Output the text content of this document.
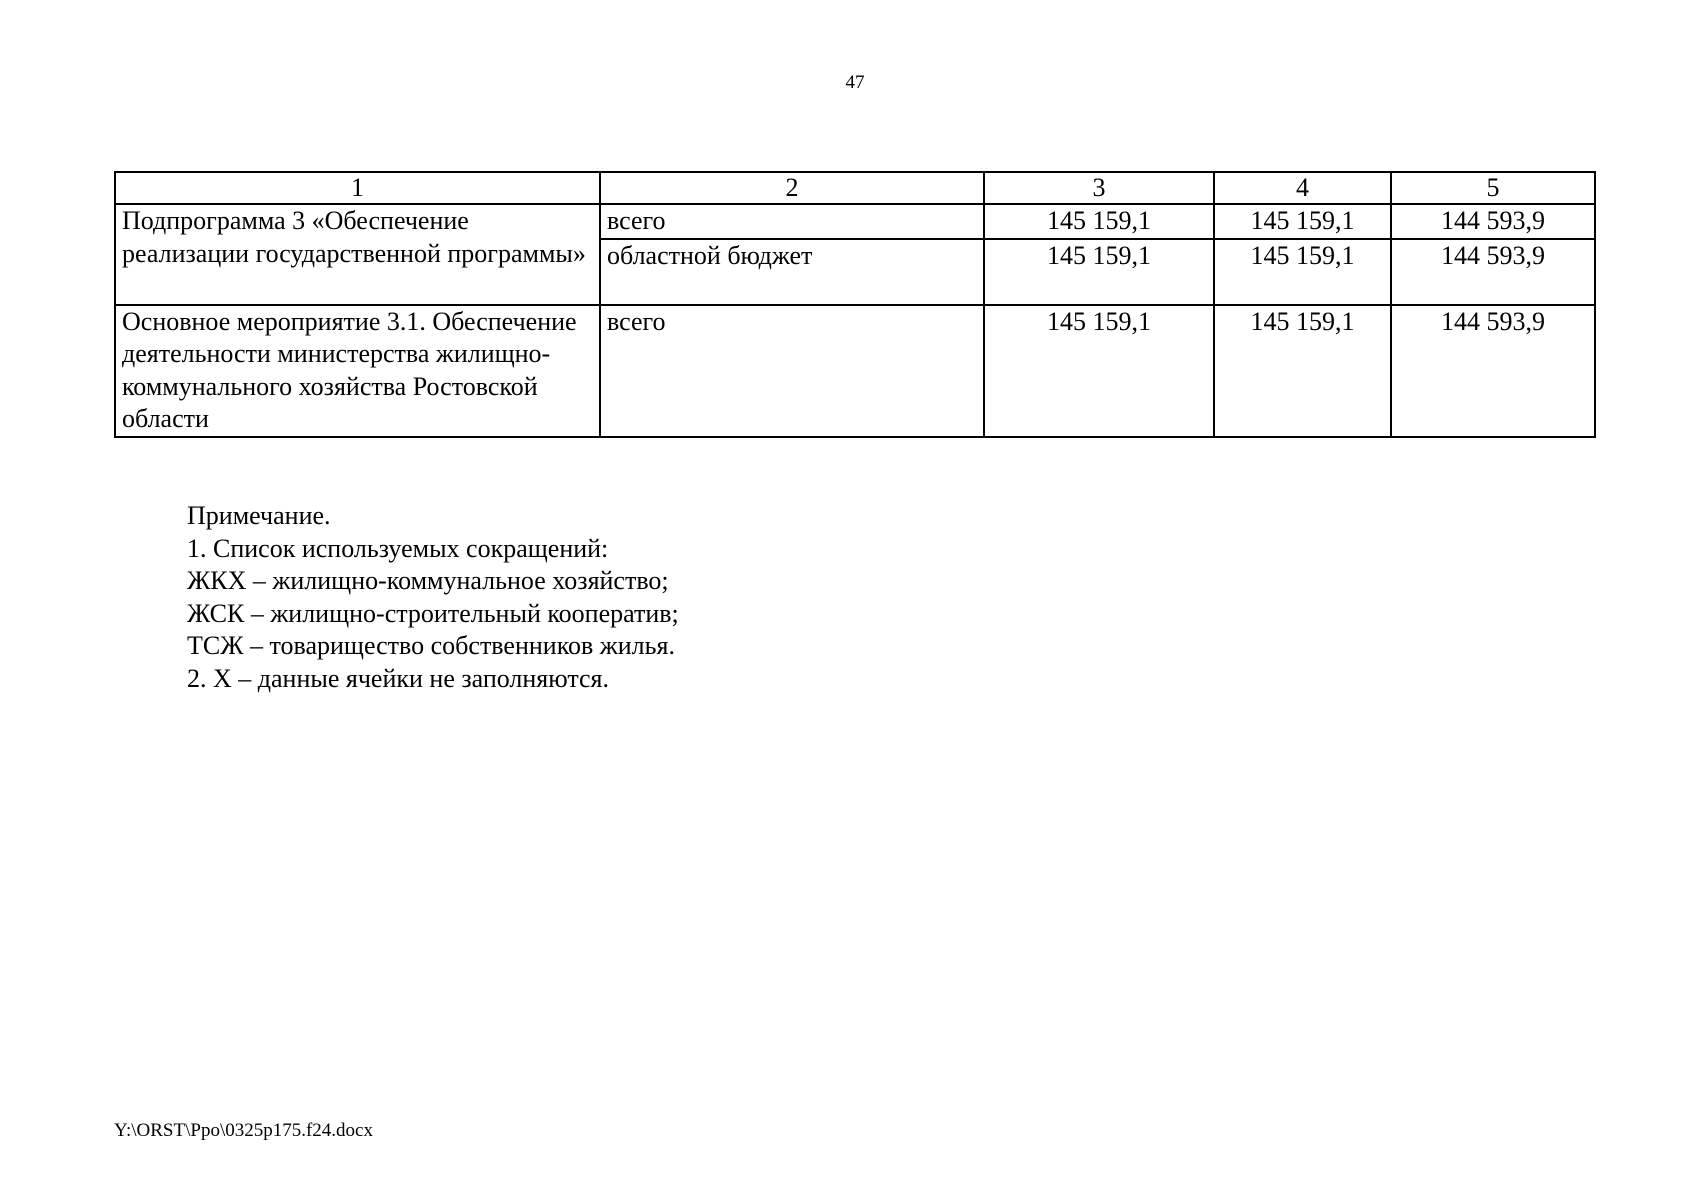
47
1	2	3	4	5
Подпрограмма 3 «Обеспечение реализации государственной программы»	всего	145 159,1	145 159,1	144 593,9
	областной бюджет	145 159,1	145 159,1	144 593,9
Основное мероприятие 3.1. Обеспечение деятельности министерства жилищно-коммунального хозяйства Ростовской области	всего	145 159,1	145 159,1	144 593,9
Примечание.
1. Список используемых сокращений:
ЖКХ – жилищно-коммунальное хозяйство;
ЖСК – жилищно-строительный кооператив;
ТСЖ – товарищество собственников жилья.
2. Х – данные ячейки не заполняются.
Y:\ORST\Ppo\0325p175.f24.docx
